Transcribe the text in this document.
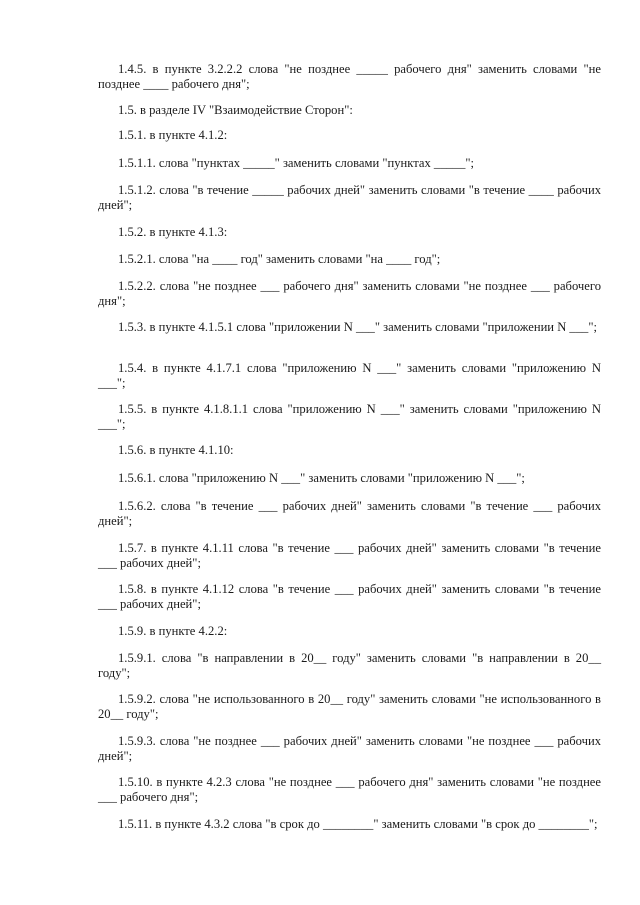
1.4.5. в пункте 3.2.2.2 слова "не позднее _____ рабочего дня" заменить словами "не позднее ____ рабочего дня";

1.5. в разделе IV "Взаимодействие Сторон":

1.5.1. в пункте 4.1.2:

1.5.1.1. слова "пунктах _____" заменить словами "пунктах _____";

1.5.1.2. слова "в течение _____ рабочих дней" заменить словами "в течение ____ рабочих дней";

1.5.2. в пункте 4.1.3:

1.5.2.1. слова "на ____ год" заменить словами "на ____ год";

1.5.2.2. слова "не позднее ___ рабочего дня" заменить словами "не позднее ___ рабочего дня";

1.5.3. в пункте 4.1.5.1 слова "приложении N ___" заменить словами "приложении N ___";

1.5.4. в пункте 4.1.7.1 слова "приложению N ___" заменить словами "приложению N ___";

1.5.5. в пункте 4.1.8.1.1 слова "приложению N ___" заменить словами "приложению N ___";

1.5.6. в пункте 4.1.10:

1.5.6.1. слова "приложению N ___" заменить словами "приложению N ___";

1.5.6.2. слова "в течение ___ рабочих дней" заменить словами "в течение ___ рабочих дней";

1.5.7. в пункте 4.1.11 слова "в течение ___ рабочих дней" заменить словами "в течение ___ рабочих дней";

1.5.8. в пункте 4.1.12 слова "в течение ___ рабочих дней" заменить словами "в течение ___ рабочих дней";

1.5.9. в пункте 4.2.2:

1.5.9.1. слова "в направлении в 20__ году" заменить словами "в направлении в 20__ году";

1.5.9.2. слова "не использованного в 20__ году" заменить словами "не использованного в 20__ году";

1.5.9.3. слова "не позднее ___ рабочих дней" заменить словами "не позднее ___ рабочих дней";

1.5.10. в пункте 4.2.3 слова "не позднее ___ рабочего дня" заменить словами "не позднее ___ рабочего дня";

1.5.11. в пункте 4.3.2 слова "в срок до ________" заменить словами "в срок до ________";
